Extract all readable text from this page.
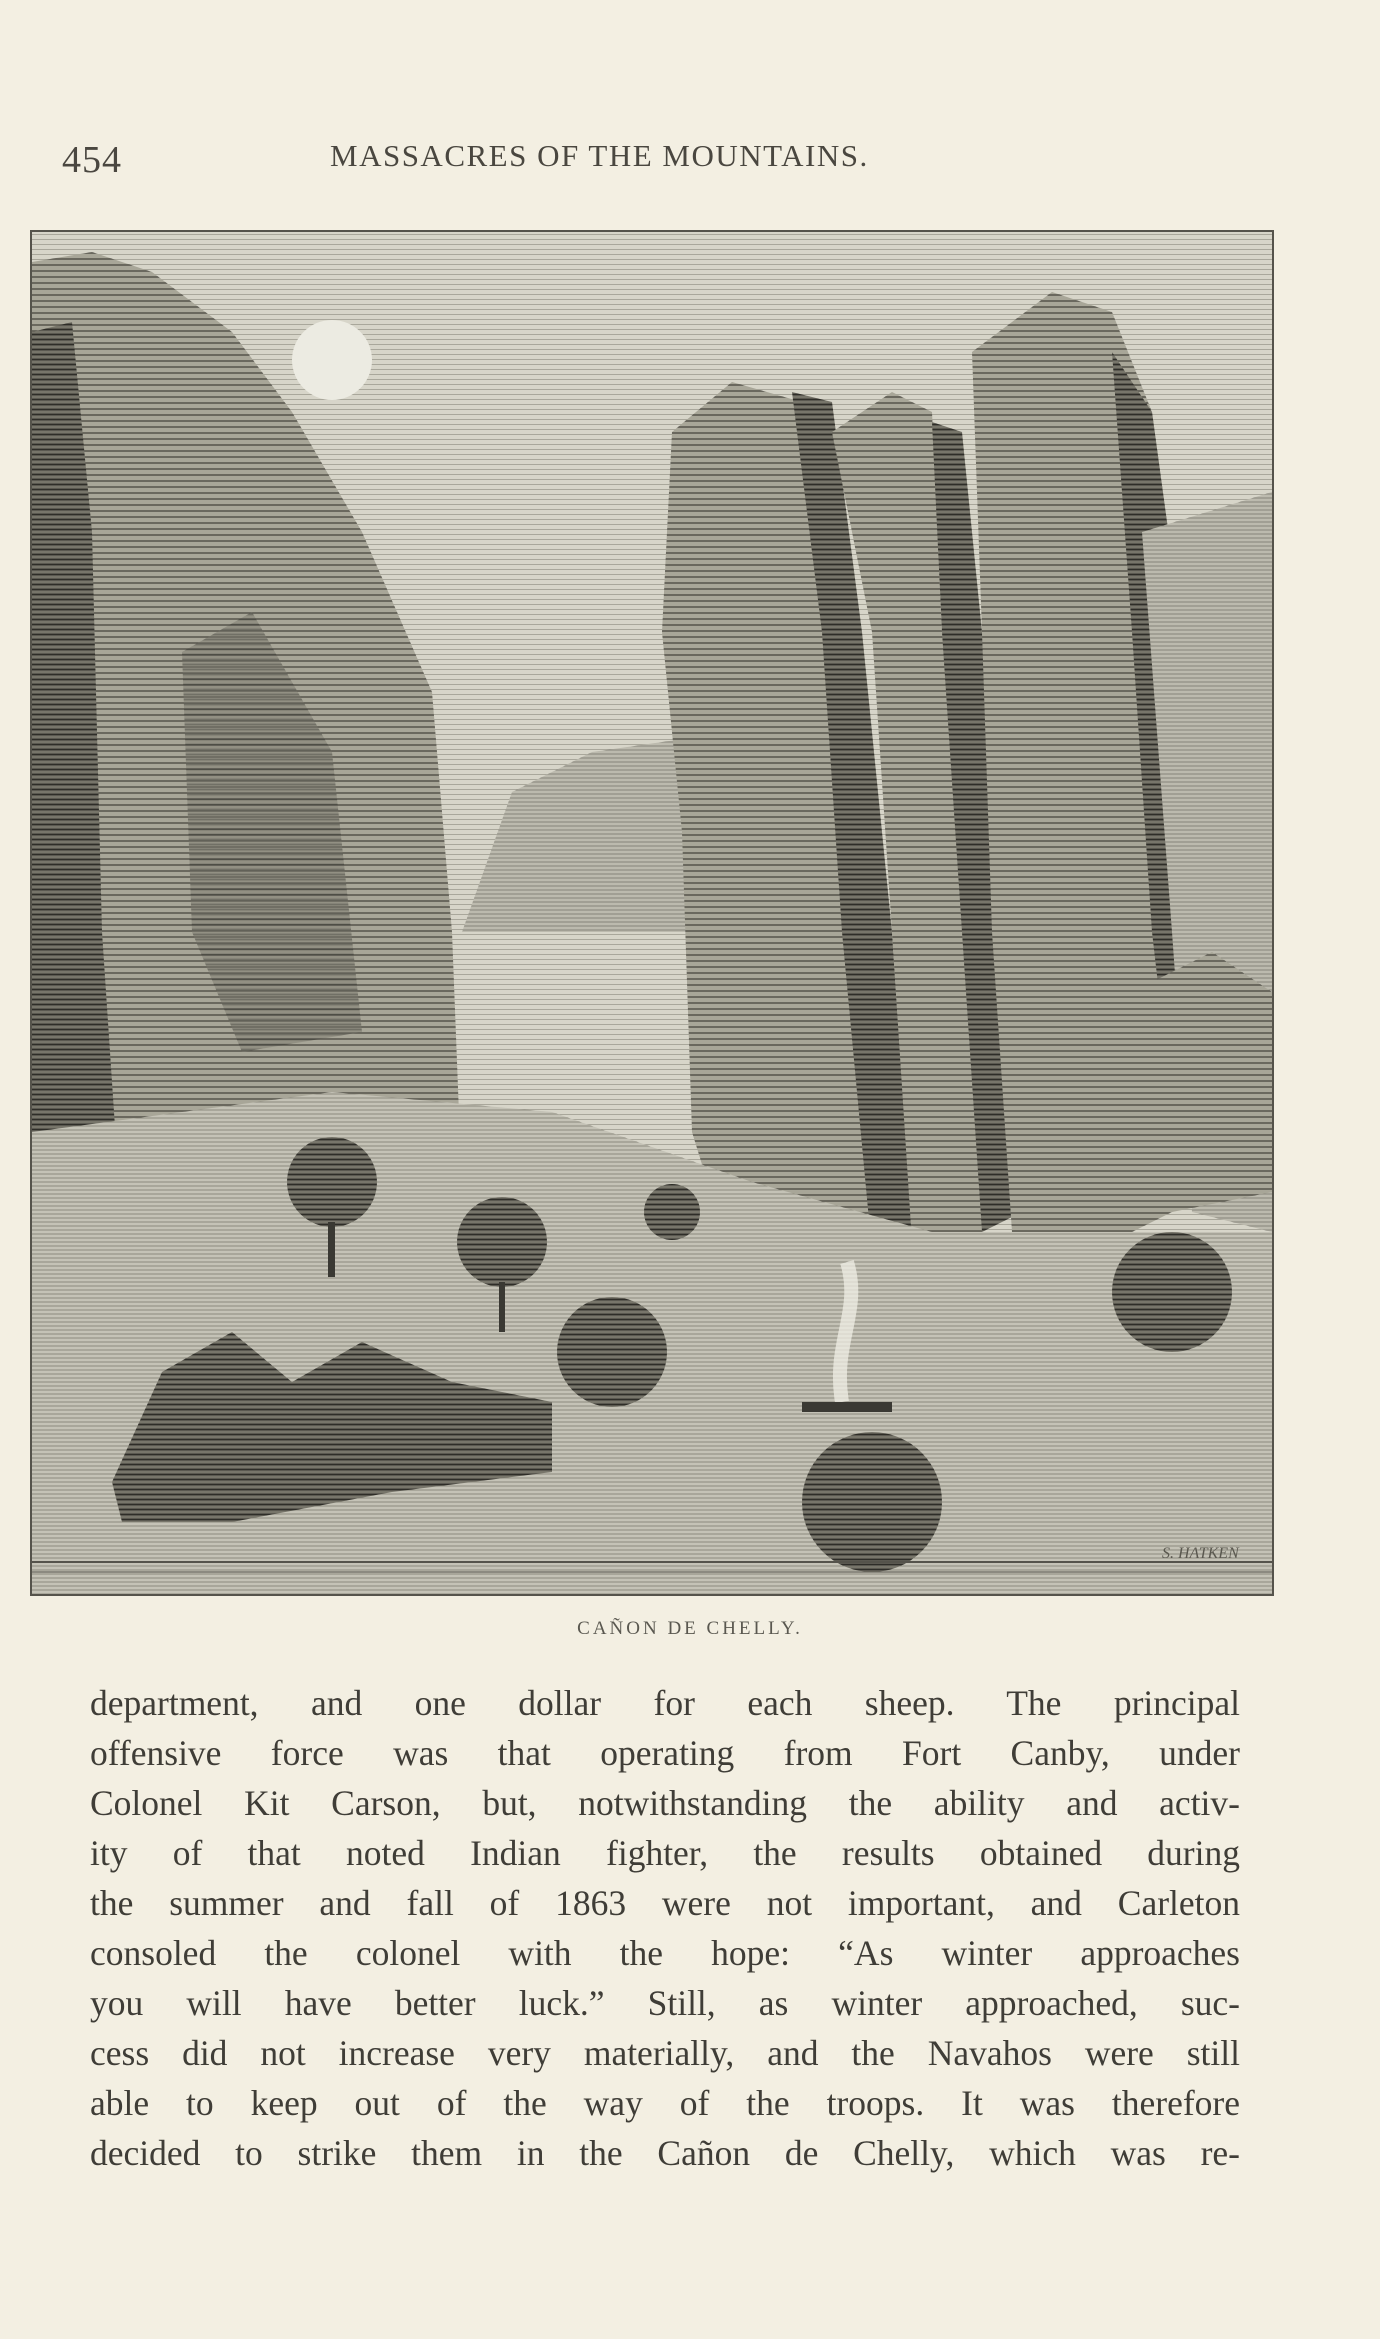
454	MASSACRES OF THE MOUNTAINS.
S. HATKEN
CAÑON DE CHELLY.
department, and one dollar for each sheep. The principal
offensive force was that operating from Fort Canby, under
Colonel Kit Carson, but, notwithstanding the ability and activ-
ity of that noted Indian fighter, the results obtained during
the summer and fall of 1863 were not important, and Carleton
consoled the colonel with the hope: “As winter approaches
you will have better luck.” Still, as winter approached, suc-
cess did not increase very materially, and the Navahos were still
able to keep out of the way of the troops. It was therefore
decided to strike them in the Cañon de Chelly, which was re-
